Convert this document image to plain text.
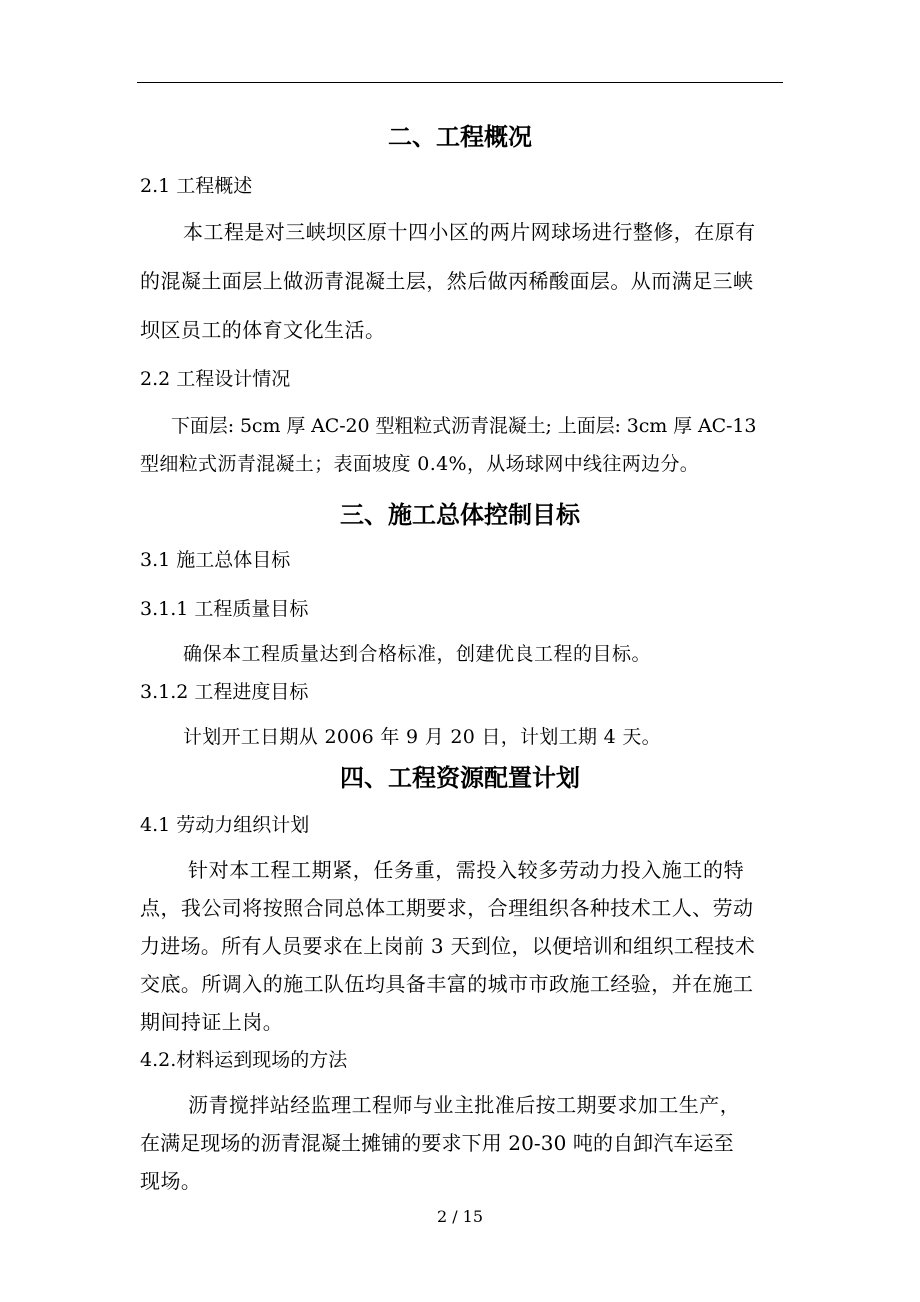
二、工程概况
2.1 工程概述
本工程是对三峡坝区原十四小区的两片网球场进行整修，在原有
的混凝土面层上做沥青混凝土层，然后做丙稀酸面层。从而满足三峡
坝区员工的体育文化生活。
2.2 工程设计情况
下面层: 5cm 厚 AC-20 型粗粒式沥青混凝土; 上面层: 3cm 厚 AC-13
型细粒式沥青混凝土；表面坡度 0.4%，从场球网中线往两边分。
三、施工总体控制目标
3.1 施工总体目标
3.1.1 工程质量目标
确保本工程质量达到合格标准，创建优良工程的目标。
3.1.2 工程进度目标
计划开工日期从 2006 年 9 月 20 日，计划工期 4 天。
四、工程资源配置计划
4.1 劳动力组织计划
针对本工程工期紧，任务重，需投入较多劳动力投入施工的特
点，我公司将按照合同总体工期要求，合理组织各种技术工人、劳动
力进场。所有人员要求在上岗前 3 天到位，以便培训和组织工程技术
交底。所调入的施工队伍均具备丰富的城市市政施工经验，并在施工
期间持证上岗。
4.2.材料运到现场的方法
沥青搅拌站经监理工程师与业主批准后按工期要求加工生产，
在满足现场的沥青混凝土摊铺的要求下用 20-30 吨的自卸汽车运至
现场。
2 / 15
